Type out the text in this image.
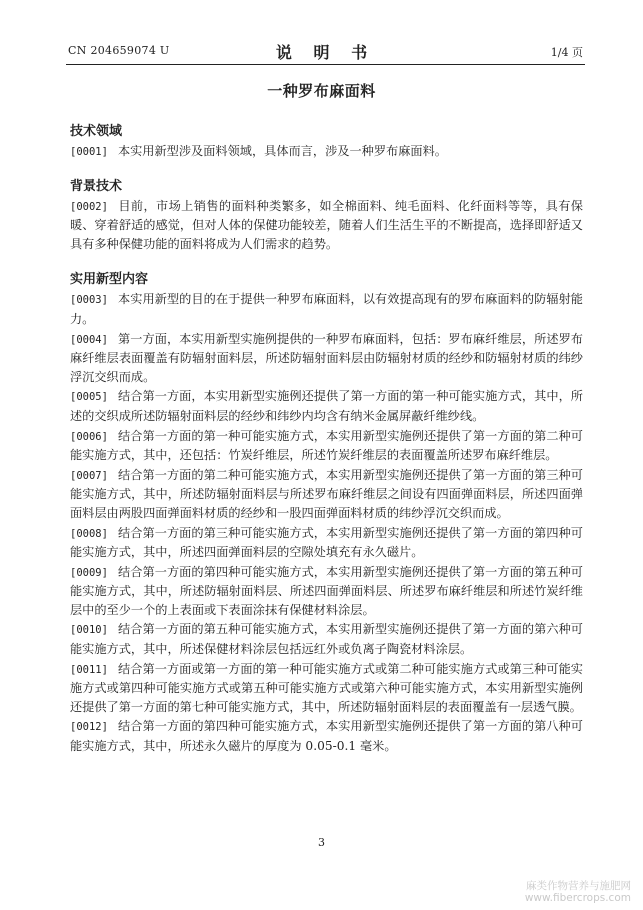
CN 204659074 U	说 明 书	1/4 页
一种罗布麻面料
技术领域

[0001] 本实用新型涉及面料领域，具体而言，涉及一种罗布麻面料。

背景技术

[0002] 目前，市场上销售的面料种类繁多，如全棉面料、纯毛面料、化纤面料等等，具有保暖、穿着舒适的感觉，但对人体的保健功能较差，随着人们生活生平的不断提高，选择即舒适又具有多种保健功能的面料将成为人们需求的趋势。

实用新型内容

[0003] 本实用新型的目的在于提供一种罗布麻面料，以有效提高现有的罗布麻面料的防辐射能力。

[0004] 第一方面，本实用新型实施例提供的一种罗布麻面料，包括：罗布麻纤维层，所述罗布麻纤维层表面覆盖有防辐射面料层，所述防辐射面料层由防辐射材质的经纱和防辐射材质的纬纱浮沉交织而成。

[0005] 结合第一方面，本实用新型实施例还提供了第一方面的第一种可能实施方式，其中，所述的交织成所述防辐射面料层的经纱和纬纱内均含有纳米金属屏蔽纤维纱线。

[0006] 结合第一方面的第一种可能实施方式，本实用新型实施例还提供了第一方面的第二种可能实施方式，其中，还包括：竹炭纤维层，所述竹炭纤维层的表面覆盖所述罗布麻纤维层。

[0007] 结合第一方面的第二种可能实施方式，本实用新型实施例还提供了第一方面的第三种可能实施方式，其中，所述防辐射面料层与所述罗布麻纤维层之间设有四面弹面料层，所述四面弹面料层由两股四面弹面料材质的经纱和一股四面弹面料材质的纬纱浮沉交织而成。

[0008] 结合第一方面的第三种可能实施方式，本实用新型实施例还提供了第一方面的第四种可能实施方式，其中，所述四面弹面料层的空隙处填充有永久磁片。

[0009] 结合第一方面的第四种可能实施方式，本实用新型实施例还提供了第一方面的第五种可能实施方式，其中，所述防辐射面料层、所述四面弹面料层、所述罗布麻纤维层和所述竹炭纤维层中的至少一个的上表面或下表面涂抹有保健材料涂层。

[0010] 结合第一方面的第五种可能实施方式，本实用新型实施例还提供了第一方面的第六种可能实施方式，其中，所述保健材料涂层包括远红外或负离子陶瓷材料涂层。

[0011] 结合第一方面或第一方面的第一种可能实施方式或第二种可能实施方式或第三种可能实施方式或第四种可能实施方式或第五种可能实施方式或第六种可能实施方式，本实用新型实施例还提供了第一方面的第七种可能实施方式，其中，所述防辐射面料层的表面覆盖有一层透气膜。

[0012] 结合第一方面的第四种可能实施方式，本实用新型实施例还提供了第一方面的第八种可能实施方式，其中，所述永久磁片的厚度为 0.05-0.1 毫米。

3
麻类作物营养与施肥网
www.fibercrops.com
